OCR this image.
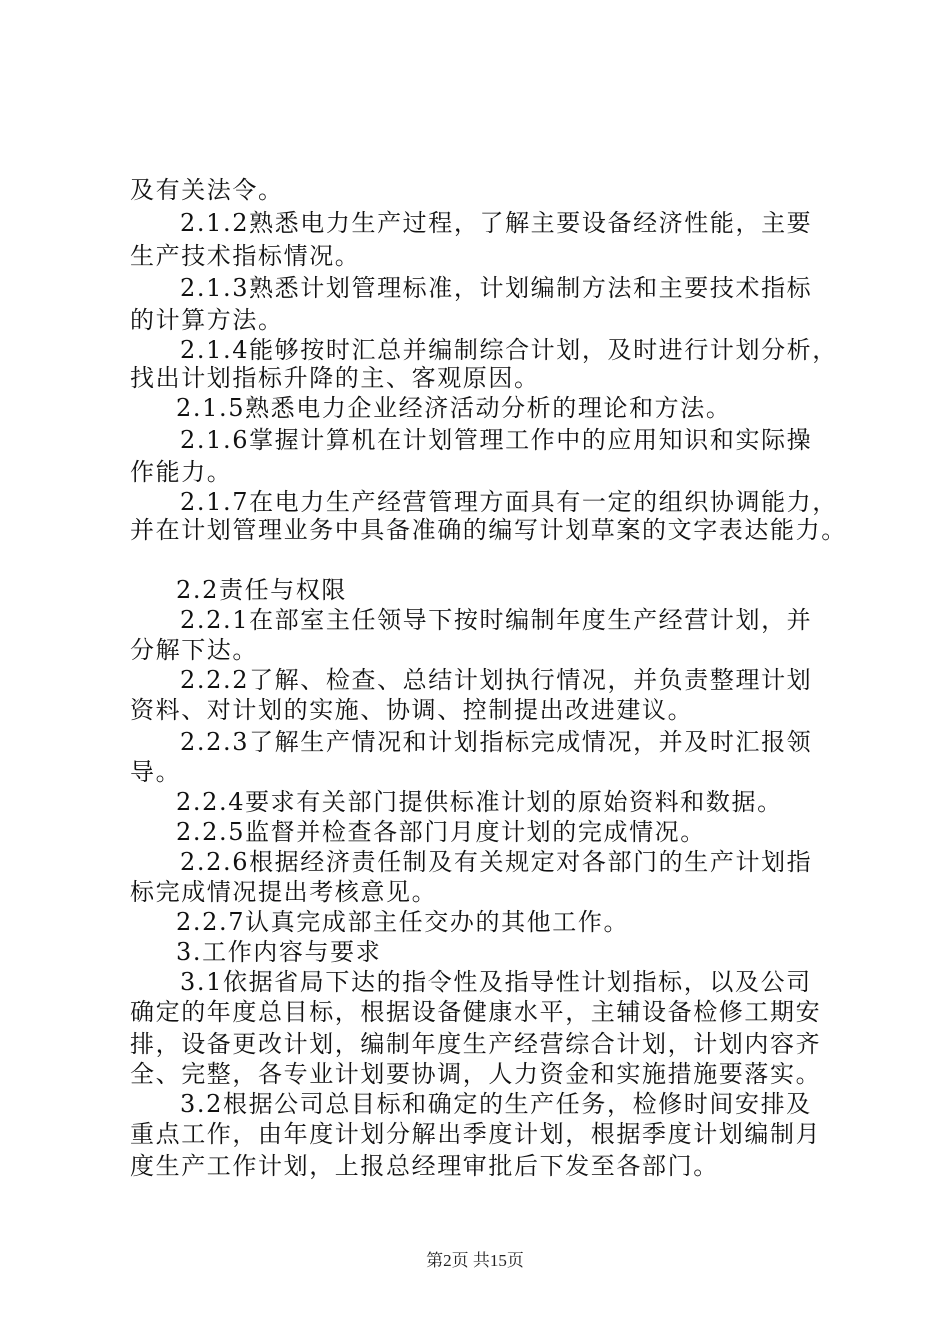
及有关法令。
2.1.2熟悉电力生产过程，了解主要设备经济性能，主要
生产技术指标情况。
2.1.3熟悉计划管理标准，计划编制方法和主要技术指标
的计算方法。
2.1.4能够按时汇总并编制综合计划，及时进行计划分析，
找出计划指标升降的主、客观原因。
2.1.5熟悉电力企业经济活动分析的理论和方法。
2.1.6掌握计算机在计划管理工作中的应用知识和实际操
作能力。
2.1.7在电力生产经营管理方面具有一定的组织协调能力，
并在计划管理业务中具备准确的编写计划草案的文字表达能力。
2.2责任与权限
2.2.1在部室主任领导下按时编制年度生产经营计划，并
分解下达。
2.2.2了解、检查、总结计划执行情况，并负责整理计划
资料、对计划的实施、协调、控制提出改进建议。
2.2.3了解生产情况和计划指标完成情况，并及时汇报领
导。
2.2.4要求有关部门提供标准计划的原始资料和数据。
2.2.5监督并检查各部门月度计划的完成情况。
2.2.6根据经济责任制及有关规定对各部门的生产计划指
标完成情况提出考核意见。
2.2.7认真完成部主任交办的其他工作。
3.工作内容与要求
3.1依据省局下达的指令性及指导性计划指标，以及公司
确定的年度总目标，根据设备健康水平，主辅设备检修工期安
排，设备更改计划，编制年度生产经营综合计划，计划内容齐
全、完整，各专业计划要协调，人力资金和实施措施要落实。
3.2根据公司总目标和确定的生产任务，检修时间安排及
重点工作，由年度计划分解出季度计划，根据季度计划编制月
度生产工作计划，上报总经理审批后下发至各部门。
第2页 共15页
